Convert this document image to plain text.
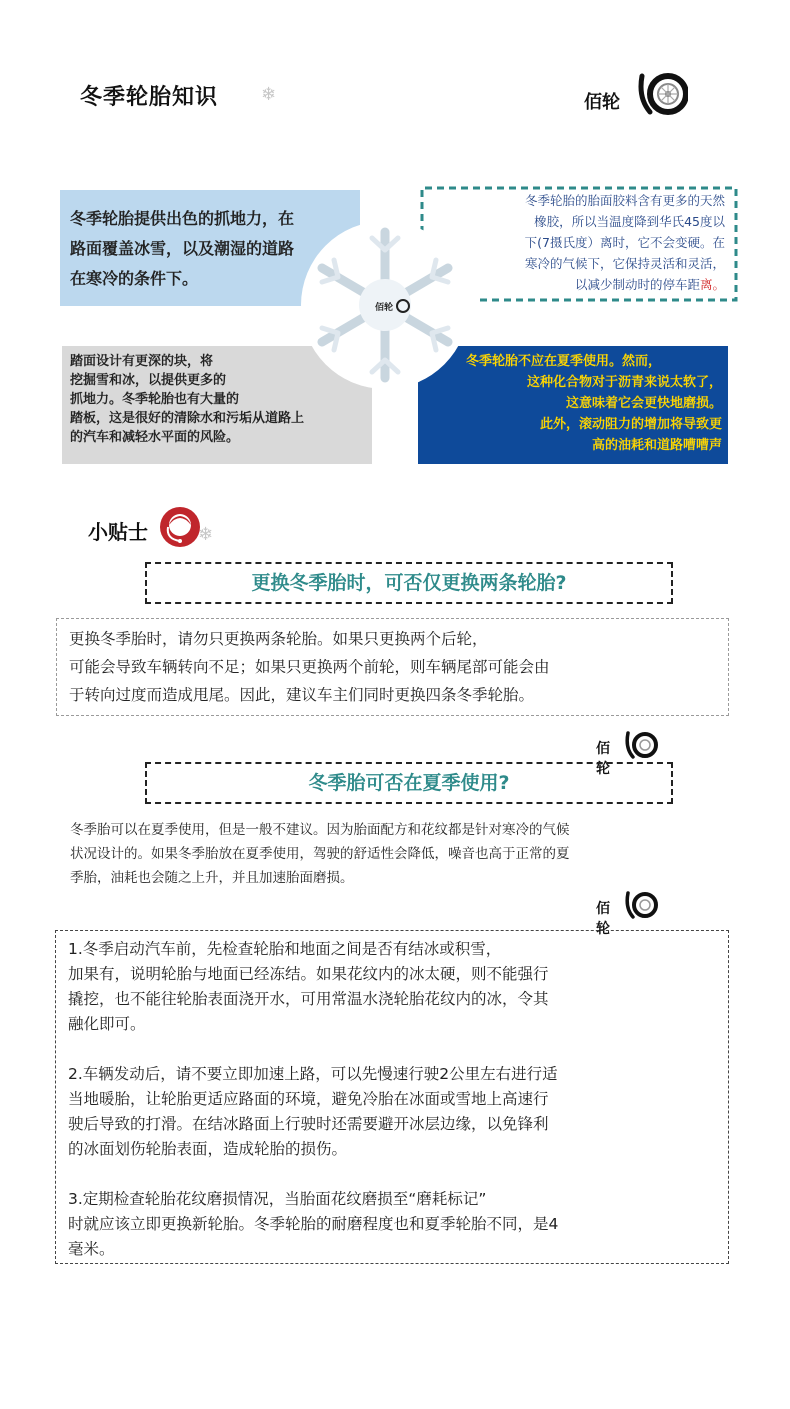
冬季轮胎知识 ❄	佰轮

冬季轮胎提供出色的抓地力，在

路面覆盖冰雪，以及潮湿的道路

在寒冷的条件下。

冬季轮胎的胎面胶料含有更多的天然
橡胶，所以当温度降到华氏45度以
下(7摄氏度）离时，它不会变硬。在
寒冷的气候下，它保持灵活和灵活，
以减少制动时的停车距离。

踏面设计有更深的块，将

挖掘雪和冰，以提供更多的

抓地力。冬季轮胎也有大量的

踏板，这是很好的清除水和污垢从道路上

的汽车和减轻水平面的风险。

冬季轮胎不应在夏季使用。然而，

这种化合物对于沥青来说太软了，

这意味着它会更快地磨损。

此外，滚动阻力的增加将导致更

高的油耗和道路嘈嘈声

佰轮
小贴士	❄
更换冬季胎时，可否仅更换两条轮胎?

更换冬季胎时，请勿只更换两条轮胎。如果只更换两个后轮，

可能会导致车辆转向不足；如果只更换两个前轮，则车辆尾部可能会由

于转向过度而造成甩尾。因此，建议车主们同时更换四条冬季轮胎。

佰轮
冬季胎可否在夏季使用?

冬季胎可以在夏季使用，但是一般不建议。因为胎面配方和花纹都是针对寒冷的气候

状况设计的。如果冬季胎放在夏季使用，驾驶的舒适性会降低，噪音也高于正常的夏

季胎，油耗也会随之上升，并且加速胎面磨损。

佰轮

1.冬季启动汽车前，先检查轮胎和地面之间是否有结冰或积雪，

加果有，说明轮胎与地面已经冻结。如果花纹内的冰太硬，则不能强行

撬挖，也不能往轮胎表面浇开水，可用常温水浇轮胎花纹内的冰，令其

融化即可。

2.车辆发动后，请不要立即加速上路，可以先慢速行驶2公里左右进行适

当地暖胎，让轮胎更适应路面的环境，避免冷胎在冰面或雪地上高速行

驶后导致的打滑。在结冰路面上行驶时还需要避开冰层边缘，以免锋利

的冰面划伤轮胎表面，造成轮胎的损伤。

3.定期检查轮胎花纹磨损情况，当胎面花纹磨损至“磨耗标记”

时就应该立即更换新轮胎。冬季轮胎的耐磨程度也和夏季轮胎不同，是4

毫米。
